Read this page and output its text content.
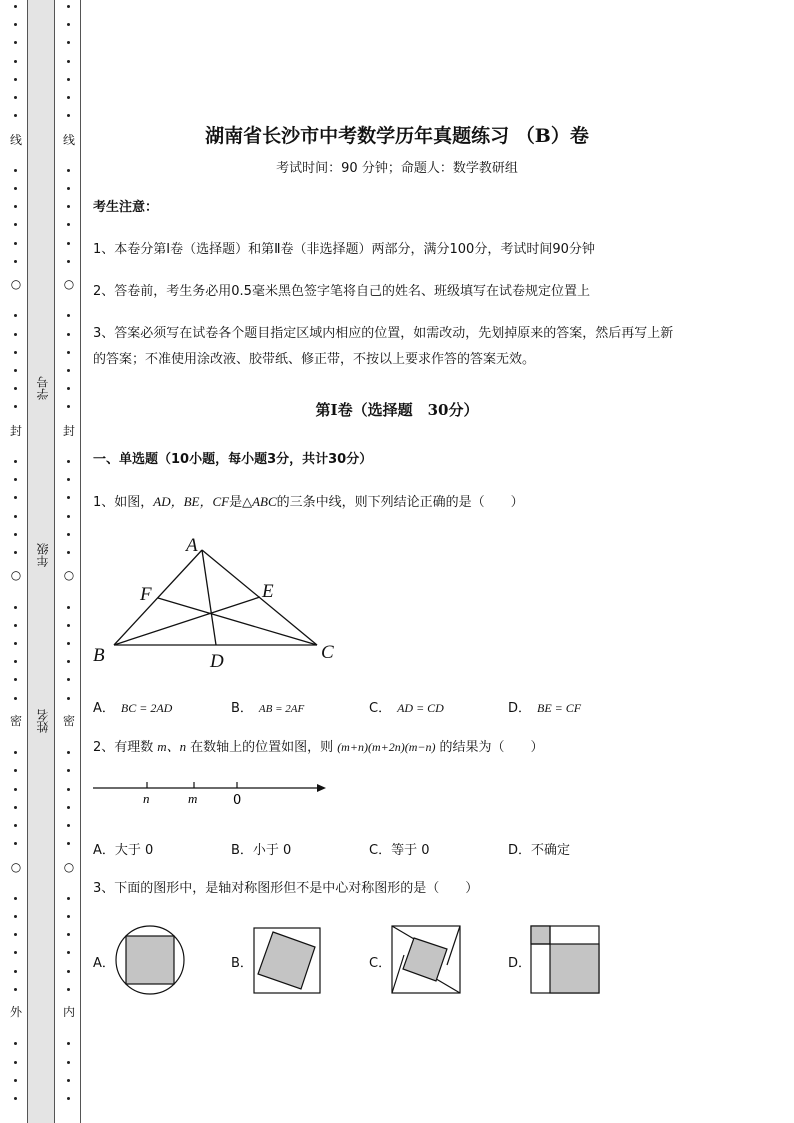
线
○
封
○
密
○
外
线
○
封
○
密
○
内
学号
年级
姓名
湖南省长沙市中考数学历年真题练习 （B）卷
考试时间：90 分钟；命题人：数学教研组
考生注意：
1、本卷分第Ⅰ卷（选择题）和第Ⅱ卷（非选择题）两部分，满分100分，考试时间90分钟
2、答卷前，考生务必用0.5毫米黑色签字笔将自己的姓名、班级填写在试卷规定位置上
3、答案必须写在试卷各个题目指定区域内相应的位置，如需改动，先划掉原来的答案，然后再写上新
的答案；不准使用涂改液、胶带纸、修正带，不按以上要求作答的答案无效。
第Ⅰ卷（选择题　30分）
一、单选题（10小题，每小题3分，共计30分）
1、如图，AD，BE，CF是△ABC的三条中线，则下列结论正确的是（　　）
A
B	C
D
E
F
A． BC = 2AD	B． AB = 2AF	C． AD = CD	D． BE = CF
2、有理数 m、n 在数轴上的位置如图，则 (m+n)(m+2n)(m−n) 的结果为（　　）
n	m	0
A．大于 0	B．小于 0	C．等于 0	D．不确定
3、下面的图形中，是轴对称图形但不是中心对称图形的是（　　）
A．	B．	C．	D．
